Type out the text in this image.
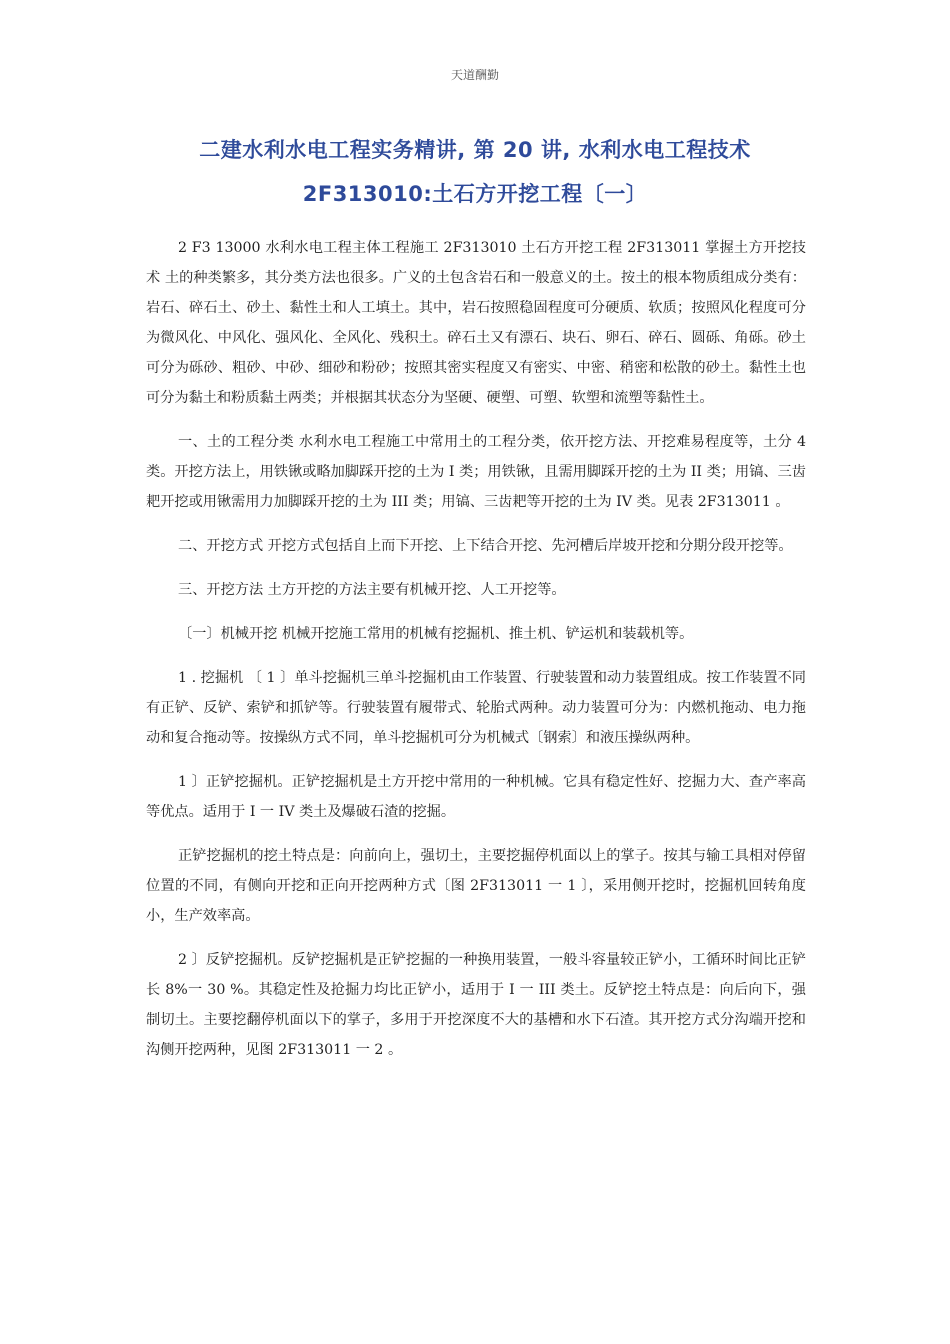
天道酬勤
二建水利水电工程实务精讲, 第 20 讲, 水利水电工程技术
2F313010:土石方开挖工程〔一〕

2 F3 13000 水利水电工程主体工程施工 2F313010 土石方开挖工程 2F313011 掌握土方开挖技术 土的种类繁多，其分类方法也很多。广义的土包含岩石和一般意义的土。按土的根本物质组成分类有：岩石、碎石土、砂土、黏性土和人工填土。其中，岩石按照稳固程度可分硬质、软质；按照风化程度可分为微风化、中风化、强风化、全风化、残积土。碎石土又有漂石、块石、卵石、碎石、圆砾、角砾。砂土可分为砾砂、粗砂、中砂、细砂和粉砂；按照其密实程度又有密实、中密、稍密和松散的砂土。黏性土也可分为黏土和粉质黏土两类；并根据其状态分为坚硬、硬塑、可塑、软塑和流塑等黏性土。

一、土的工程分类 水利水电工程施工中常用土的工程分类，依开挖方法、开挖难易程度等，土分 4 类。开挖方法上，用铁锹或略加脚踩开挖的土为 I 类；用铁锹，且需用脚踩开挖的土为 II 类；用镐、三齿耙开挖或用锹需用力加脚踩开挖的土为 III 类；用镐、三齿耙等开挖的土为 IV 类。见表 2F313011 。

二、开挖方式 开挖方式包括自上而下开挖、上下结合开挖、先河槽后岸坡开挖和分期分段开挖等。

三、开挖方法 土方开挖的方法主要有机械开挖、人工开挖等。

〔一〕机械开挖 机械开挖施工常用的机械有挖掘机、推土机、铲运机和装载机等。

1 . 挖掘机 〔 1 〕单斗挖掘机三单斗挖掘机由工作装置、行驶装置和动力装置组成。按工作装置不同有正铲、反铲、索铲和抓铲等。行驶装置有履带式、轮胎式两种。动力装置可分为：内燃机拖动、电力拖动和复合拖动等。按操纵方式不同，单斗挖掘机可分为机械式〔钢索〕和液压操纵两种。

1 〕正铲挖掘机。正铲挖掘机是土方开挖中常用的一种机械。它具有稳定性好、挖掘力大、查产率高等优点。适用于 I 一 IV 类土及爆破石渣的挖掘。

正铲挖掘机的挖土特点是：向前向上，强切土，主要挖掘停机面以上的掌子。按其与输工具相对停留位置的不同，有侧向开挖和正向开挖两种方式〔图 2F313011 一 1 〕，采用侧开挖时，挖掘机回转角度小，生产效率高。

2 〕反铲挖掘机。反铲挖掘机是正铲挖掘的一种换用装置，一般斗容量较正铲小，工循环时间比正铲长 8%一 30 %。其稳定性及抢掘力均比正铲小，适用于 I 一 III 类土。反铲挖土特点是：向后向下，强制切土。主要挖翻停机面以下的掌子，多用于开挖深度不大的基槽和水下石渣。其开挖方式分沟端开挖和沟侧开挖两种，见图 2F313011 一 2 。
